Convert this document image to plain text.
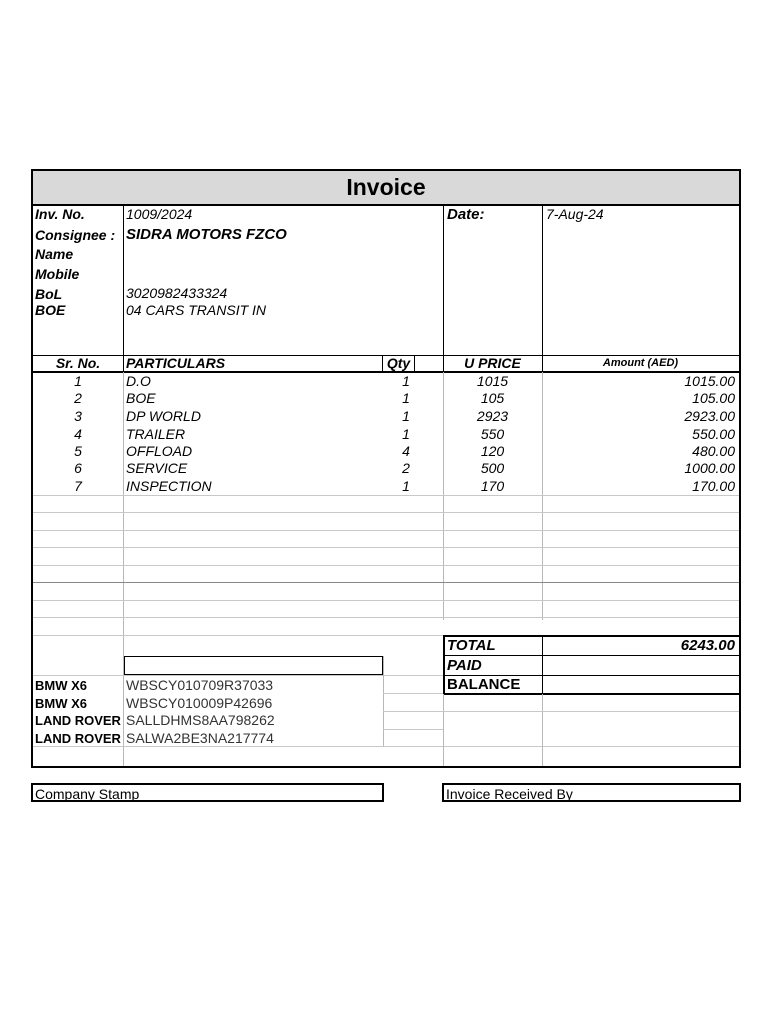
Invoice
Inv. No.	1009/2024
Consignee : SIDRA MOTORS FZCO
Name
Mobile
BoL	3020982433324
BOE	04 CARS TRANSIT IN
Date:	7-Aug-24
Sr. No.	PARTICULARS	Qty	U PRICE	Amount (AED)
1	D.O	1	1015	1015.00
2	BOE	1	105	105.00
3	DP WORLD	1	2923	2923.00
4	TRAILER	1	550	550.00
5	OFFLOAD	4	120	480.00
6	SERVICE	2	500	1000.00
7	INSPECTION	1	170	170.00
TOTAL	6243.00
PAID
BALANCE
BMW X6	WBSCY010709R37033
BMW X6	WBSCY010009P42696
LAND ROVER SALLDHMS8AA798262
LAND ROVER SALWA2BE3NA217774
Company Stamp	Invoice Received By
